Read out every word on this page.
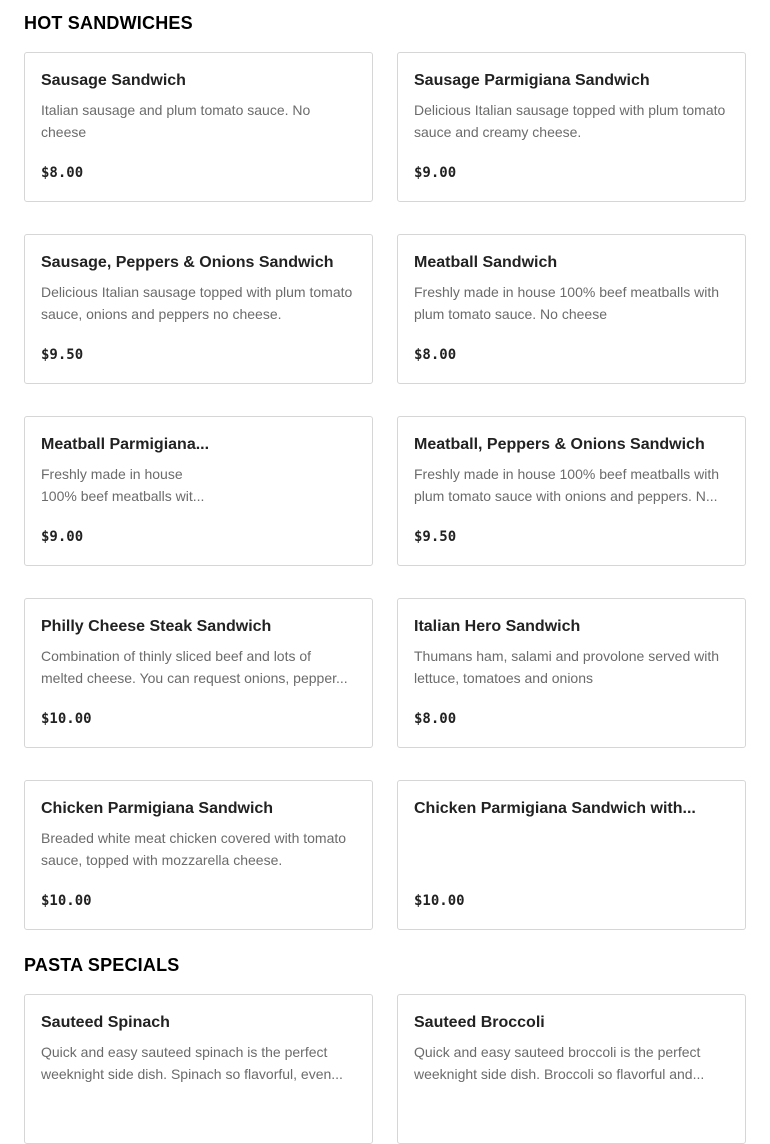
HOT SANDWICHES
Sausage Sandwich
Italian sausage and plum tomato sauce. No cheese
$8.00
Sausage Parmigiana Sandwich
Delicious Italian sausage topped with plum tomato sauce and creamy cheese.
$9.00
Sausage, Peppers & Onions Sandwich
Delicious Italian sausage topped with plum tomato sauce, onions and peppers no cheese.
$9.50
Meatball Sandwich
Freshly made in house 100% beef meatballs with plum tomato sauce. No cheese
$8.00
Meatball Parmigiana...
Freshly made in house 100% beef meatballs wit...
$9.00
Meatball, Peppers & Onions Sandwich
Freshly made in house 100% beef meatballs with plum tomato sauce with onions and peppers. N...
$9.50
Philly Cheese Steak Sandwich
Combination of thinly sliced beef and lots of melted cheese. You can request onions, pepper...
$10.00
Italian Hero Sandwich
Thumans ham, salami and provolone served with lettuce, tomatoes and onions
$8.00
Chicken Parmigiana Sandwich
Breaded white meat chicken covered with tomato sauce, topped with mozzarella cheese.
$10.00
Chicken Parmigiana Sandwich with...
$10.00
PASTA SPECIALS
Sauteed Spinach
Quick and easy sauteed spinach is the perfect weeknight side dish. Spinach so flavorful, even...
Sauteed Broccoli
Quick and easy sauteed broccoli is the perfect weeknight side dish. Broccoli so flavorful and...
